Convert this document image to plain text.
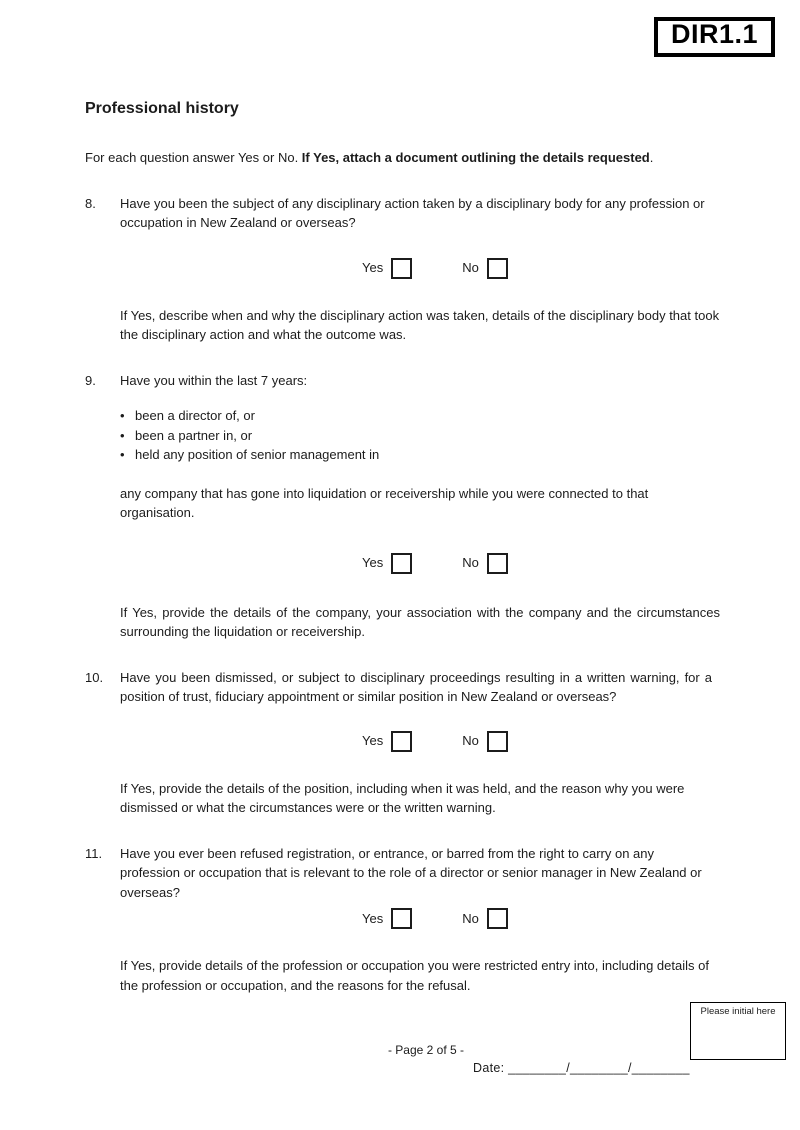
DIR1.1
Professional history

For each question answer Yes or No. If Yes, attach a document outlining the details requested.

8.	Have you been the subject of any disciplinary action taken by a disciplinary body for any profession or occupation in New Zealand or overseas?
Yes	No

If Yes, describe when and why the disciplinary action was taken, details of the disciplinary body that took the disciplinary action and what the outcome was.

9.	Have you within the last 7 years:
• been a director of, or
• been a partner in, or
• held any position of senior management in

any company that has gone into liquidation or receivership while you were connected to that organisation.

Yes	No

If Yes, provide the details of the company, your association with the company and the circumstances surrounding the liquidation or receivership.

10.	Have you been dismissed, or subject to disciplinary proceedings resulting in a written warning, for a position of trust, fiduciary appointment or similar position in New Zealand or overseas?
Yes	No

If Yes, provide the details of the position, including when it was held, and the reason why you were dismissed or what the circumstances were or the written warning.

11.	Have you ever been refused registration, or entrance, or barred from the right to carry on any profession or occupation that is relevant to the role of a director or senior manager in New Zealand or overseas?
Yes	No

If Yes, provide details of the profession or occupation you were restricted entry into, including details of the profession or occupation, and the reasons for the refusal.

Please initial here
- Page 2 of 5 -
Date: ________/________/________
